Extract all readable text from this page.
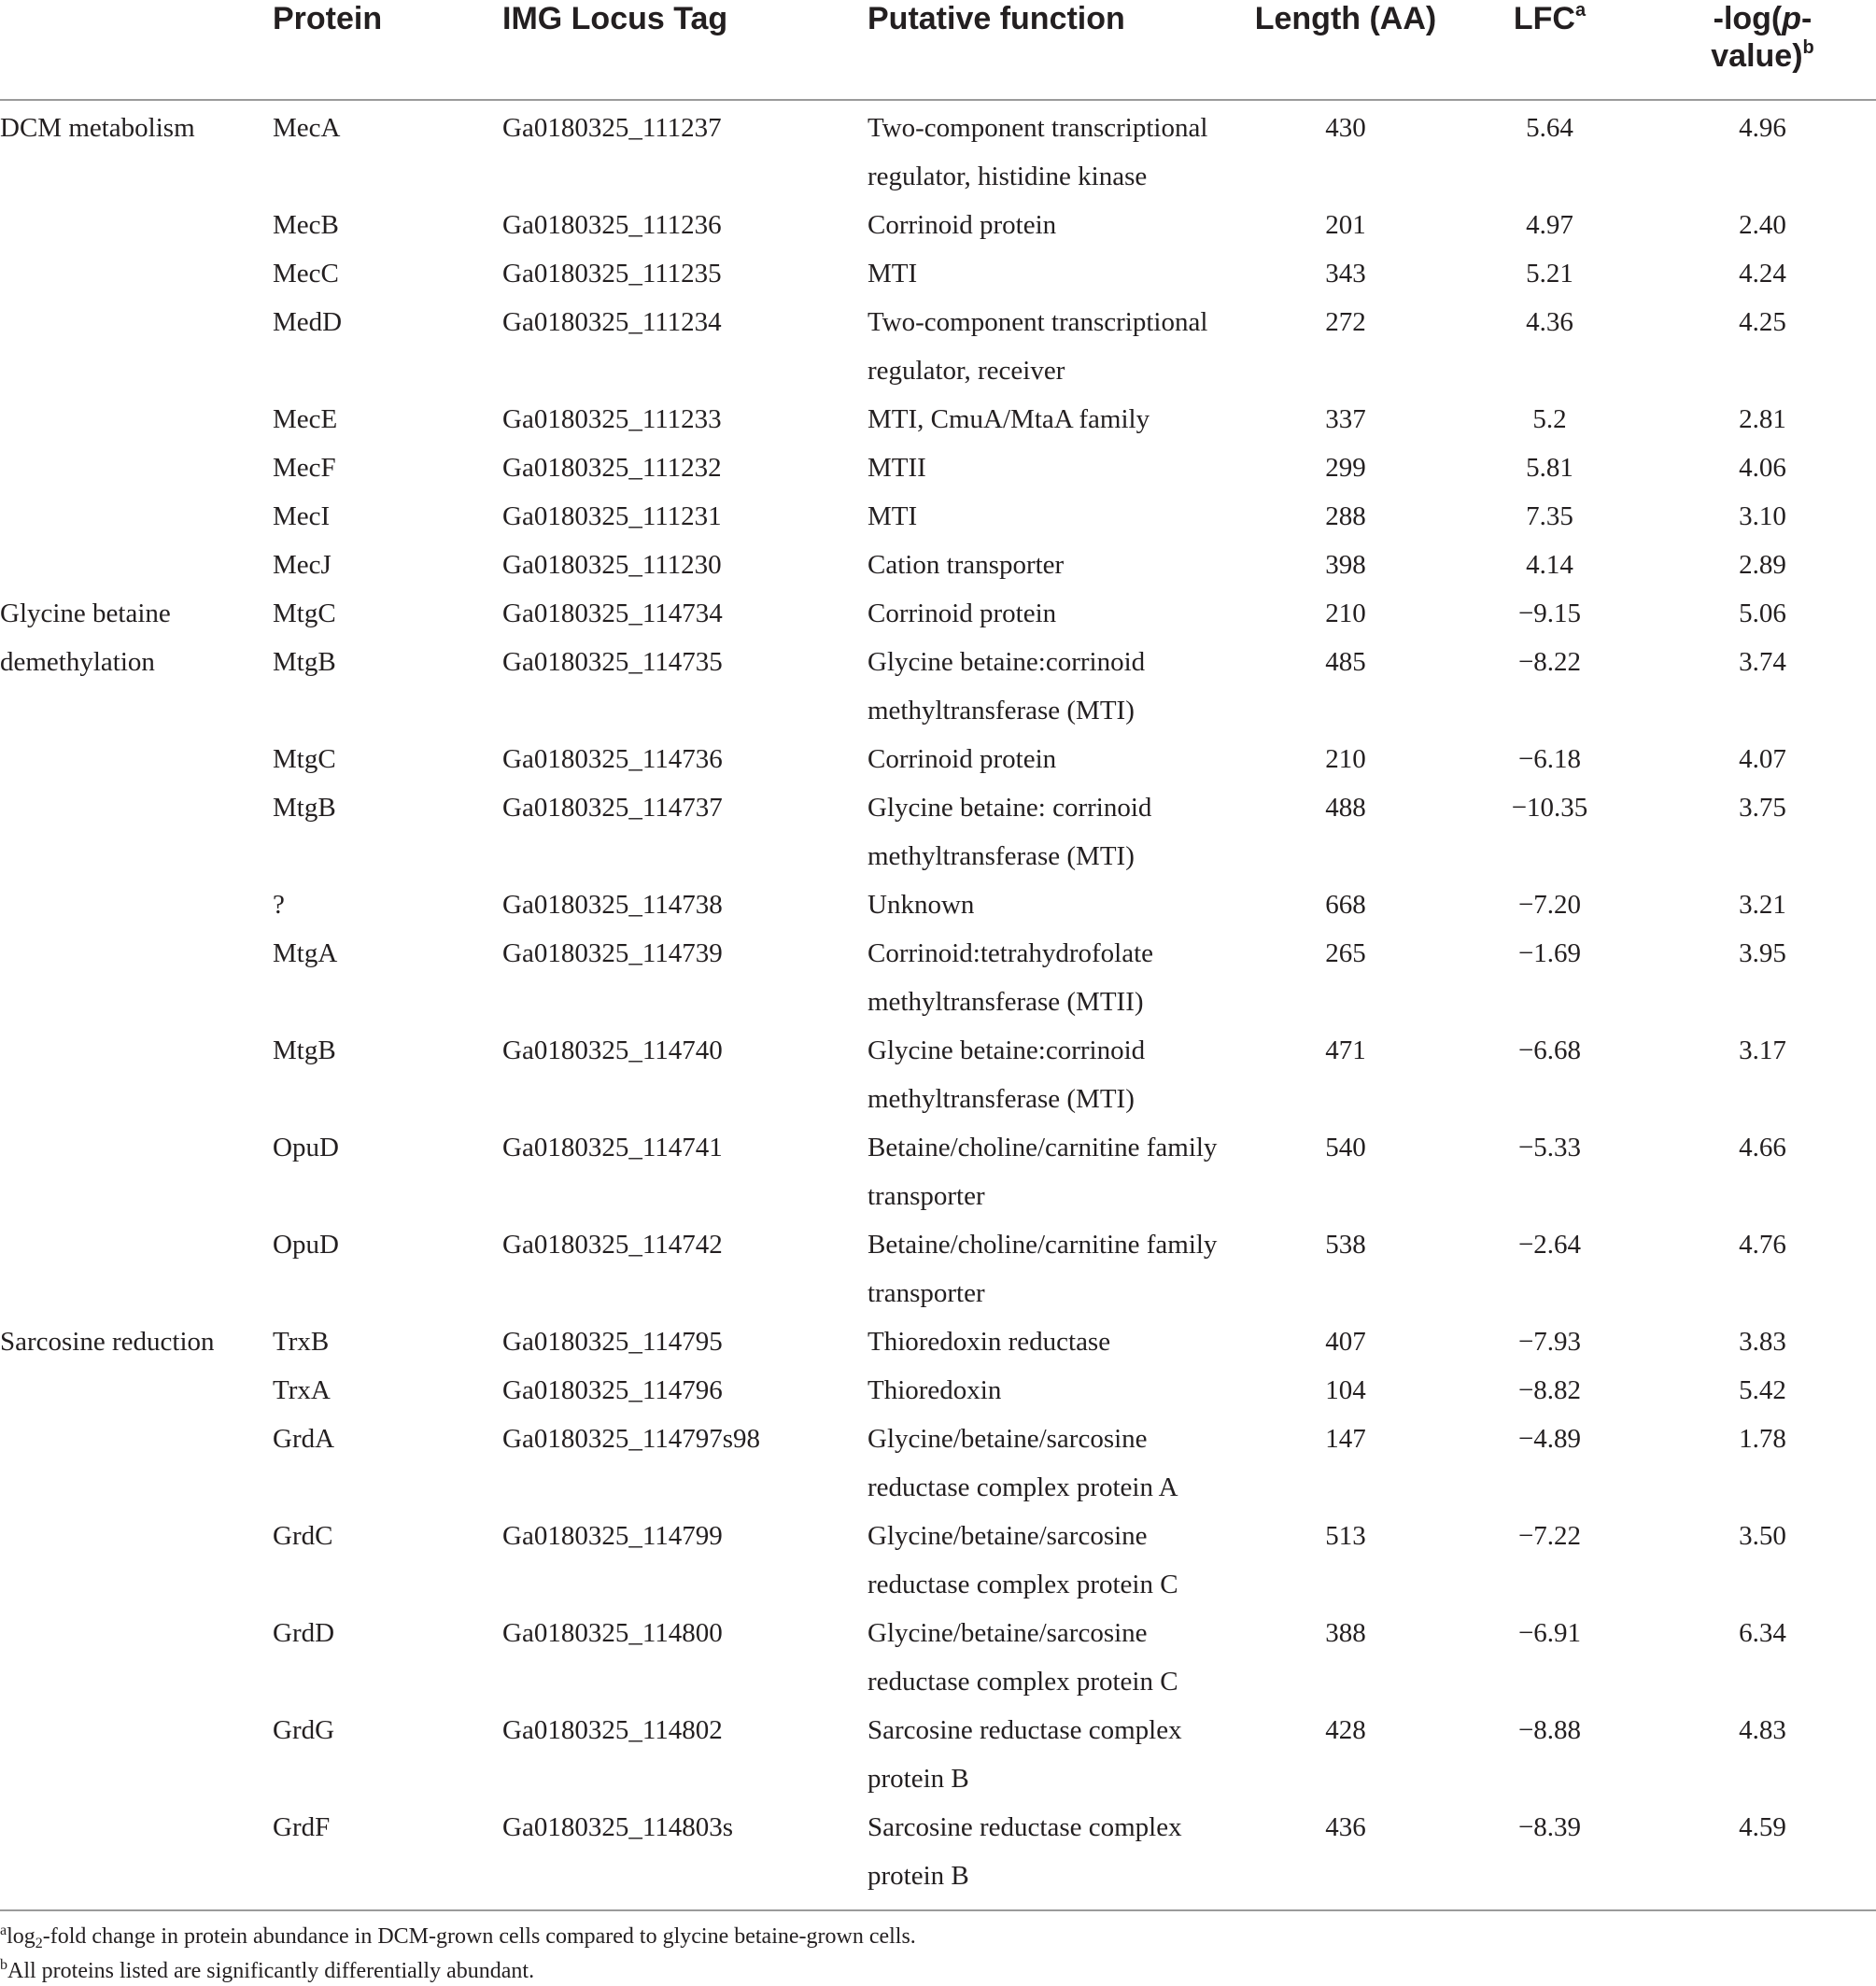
	Protein	IMG Locus Tag	Putative function	Length (AA)	LFC$^a$	-log(p-
value)$^b$

DCM metabolism	MecA	Ga0180325_111237	Two-component transcriptional regulator, histidine kinase	430	5.64	4.96
	MecB	Ga0180325_111236	Corrinoid protein	201	4.97	2.40
	MecC	Ga0180325_111235	MTI	343	5.21	4.24
	MedD	Ga0180325_111234	Two-component transcriptional regulator, receiver	272	4.36	4.25
	MecE	Ga0180325_111233	MTI, CmuA/MtaA family	337	5.2	2.81
	MecF	Ga0180325_111232	MTII	299	5.81	4.06
	MecI	Ga0180325_111231	MTI	288	7.35	3.10
	MecJ	Ga0180325_111230	Cation transporter	398	4.14	2.89

Glycine betaine
demethylation	MtgC	Ga0180325_114734	Corrinoid protein	210	−9.15	5.06
	MtgB	Ga0180325_114735	Glycine betaine:corrinoid methyltransferase (MTI)	485	−8.22	3.74
	MtgC	Ga0180325_114736	Corrinoid protein	210	−6.18	4.07
	MtgB	Ga0180325_114737	Glycine betaine: corrinoid methyltransferase (MTI)	488	−10.35	3.75
	?	Ga0180325_114738	Unknown	668	−7.20	3.21
	MtgA	Ga0180325_114739	Corrinoid:tetrahydrofolate methyltransferase (MTII)	265	−1.69	3.95
	MtgB	Ga0180325_114740	Glycine betaine:corrinoid methyltransferase (MTI)	471	−6.68	3.17
	OpuD	Ga0180325_114741	Betaine/choline/carnitine family transporter	540	−5.33	4.66
	OpuD	Ga0180325_114742	Betaine/choline/carnitine family transporter	538	−2.64	4.76

Sarcosine reduction	TrxB	Ga0180325_114795	Thioredoxin reductase	407	−7.93	3.83
	TrxA	Ga0180325_114796	Thioredoxin	104	−8.82	5.42
	GrdA	Ga0180325_114797s98	Glycine/betaine/sarcosine reductase complex protein A	147	−4.89	1.78
	GrdC	Ga0180325_114799	Glycine/betaine/sarcosine reductase complex protein C	513	−7.22	3.50
	GrdD	Ga0180325_114800	Glycine/betaine/sarcosine reductase complex protein C	388	−6.91	6.34
	GrdG	Ga0180325_114802	Sarcosine reductase complex protein B	428	−8.88	4.83
	GrdF	Ga0180325_114803s	Sarcosine reductase complex protein B	436	−8.39	4.59
$^a\log_2$-fold change in protein abundance in DCM-grown cells compared to glycine betaine-grown cells.
$^b$All proteins listed are significantly differentially abundant.
